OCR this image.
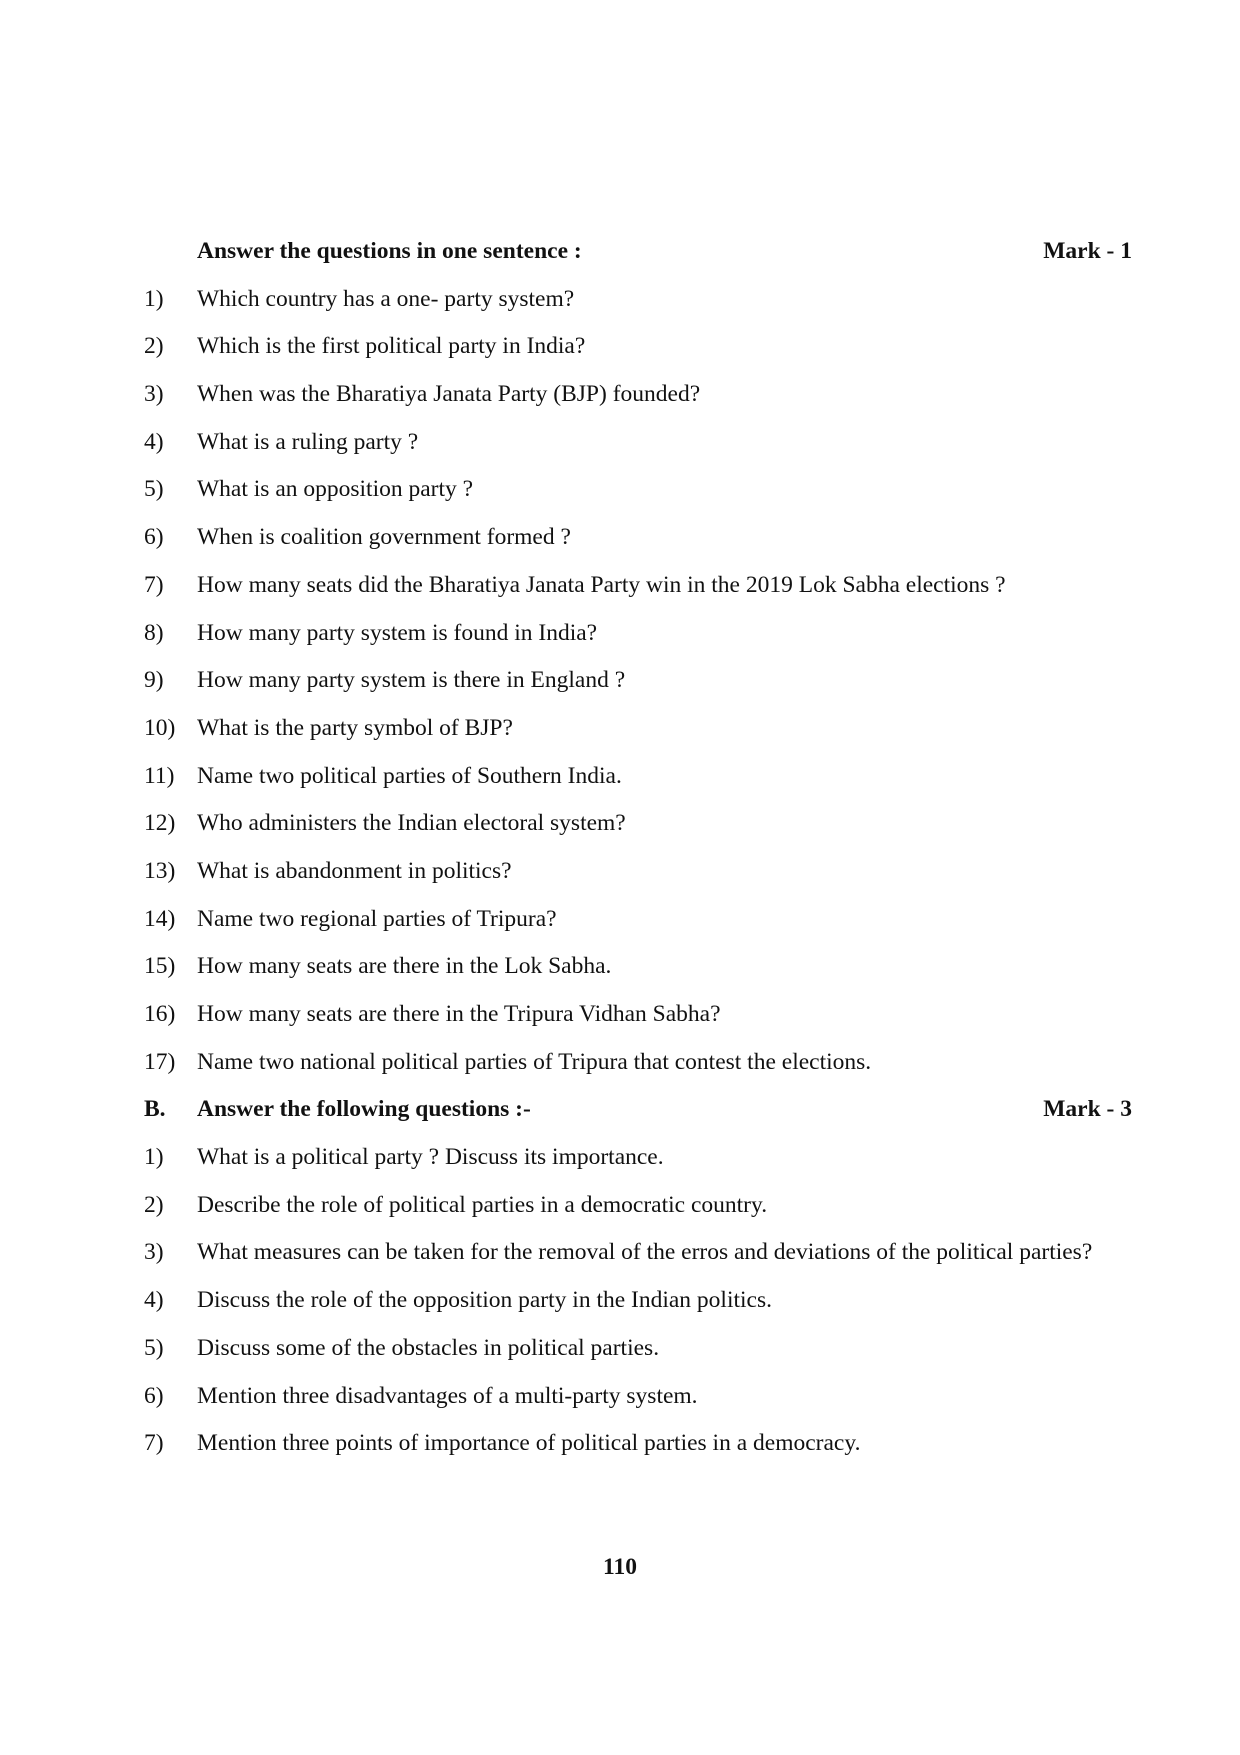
Answer the questions in one sentence :	Mark - 1
1)	Which country has a one- party system?
2)	Which is the first political party in India?
3)	When was the Bharatiya Janata Party (BJP) founded?
4)	What is a ruling party ?
5)	What is an opposition party ?
6)	When is coalition government formed ?
7)	How many seats did the Bharatiya Janata Party win in the 2019 Lok Sabha elections ?
8)	How many party system is found in India?
9)	How many party system is there in England ?
10) What is the party symbol of BJP?
11) Name two political parties of Southern India.
12) Who administers the Indian electoral system?
13) What is abandonment in politics?
14) Name two regional parties of Tripura?
15) How many seats are there in the Lok Sabha.
16) How many seats are there in the Tripura Vidhan Sabha?
17) Name two national political parties of Tripura that contest the elections.
B.	Answer the following questions :-	Mark - 3
1)	What is a political party ? Discuss its importance.
2)	Describe the role of political parties in a democratic country.
3)	What measures can be taken for the removal of the erros and deviations of the political parties?
4)	Discuss the role of the opposition party in the Indian politics.
5)	Discuss some of the obstacles in political parties.
6)	Mention three disadvantages of a multi-party system.
7)	Mention three points of importance of political parties in a democracy.
110
